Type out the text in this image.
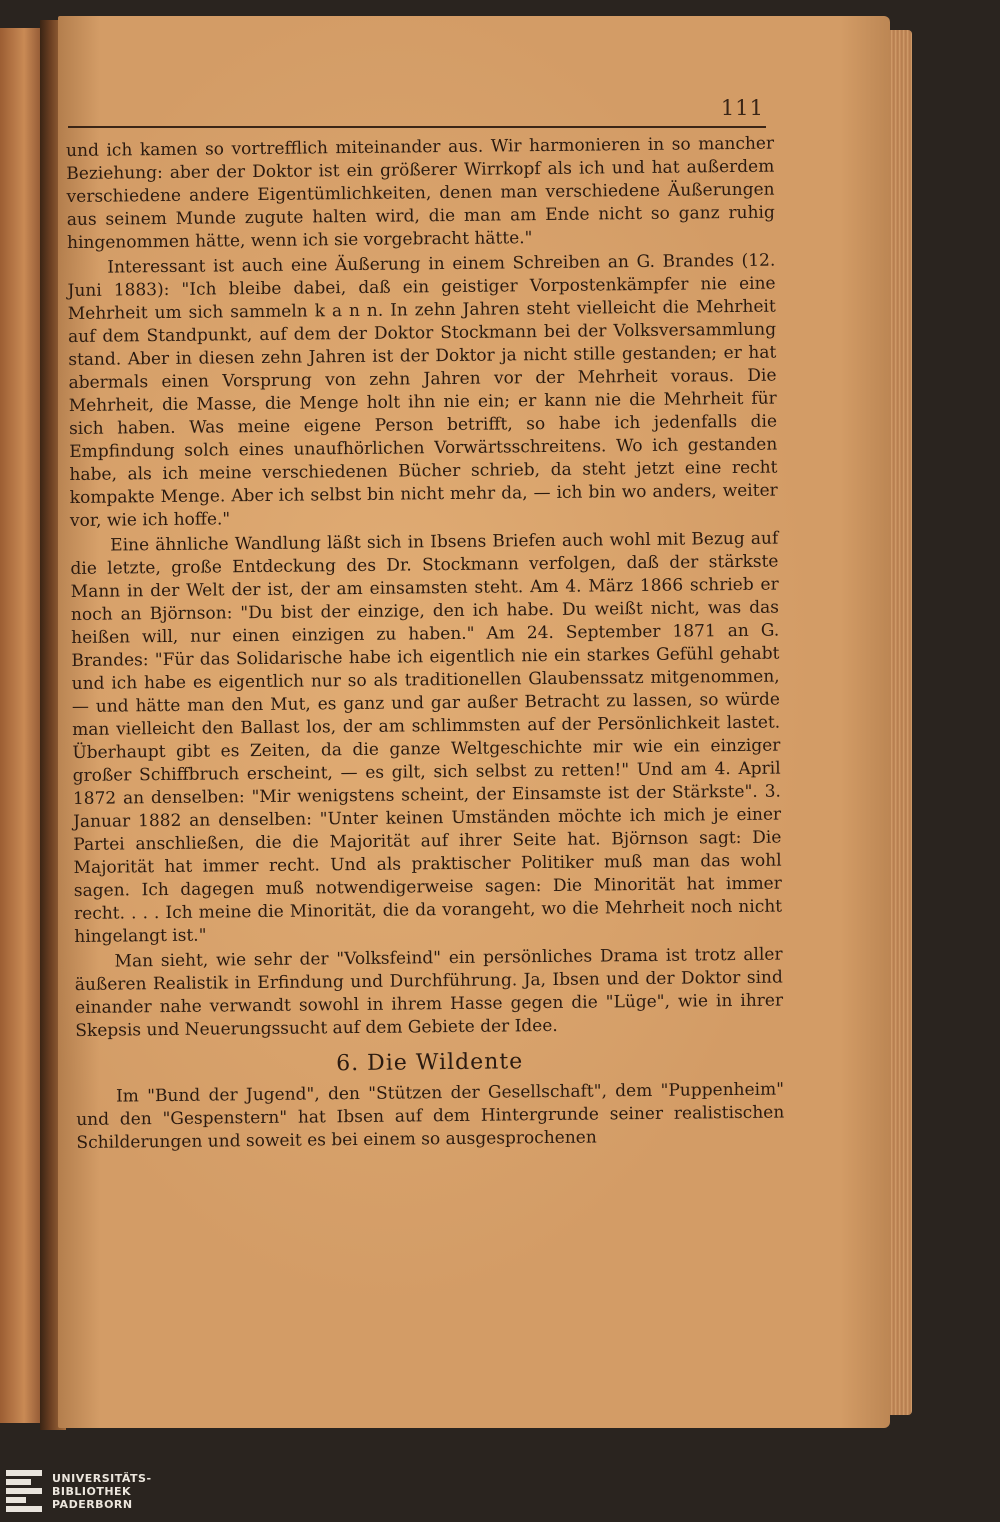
111

und ich kamen so vortrefflich miteinander aus. Wir harmonieren in so mancher Beziehung: aber der Doktor ist ein größerer Wirrkopf als ich und hat außerdem verschiedene andere Eigentümlichkeiten, denen man verschiedene Äußerungen aus seinem Munde zugute halten wird, die man am Ende nicht so ganz ruhig hingenommen hätte, wenn ich sie vorgebracht hätte."

Interessant ist auch eine Äußerung in einem Schreiben an G. Brandes (12. Juni 1883): "Ich bleibe dabei, daß ein geistiger Vorpostenkämpfer nie eine Mehrheit um sich sammeln k a n n. In zehn Jahren steht vielleicht die Mehrheit auf dem Standpunkt, auf dem der Doktor Stockmann bei der Volksversammlung stand. Aber in diesen zehn Jahren ist der Doktor ja nicht stille gestanden; er hat abermals einen Vorsprung von zehn Jahren vor der Mehrheit voraus. Die Mehrheit, die Masse, die Menge holt ihn nie ein; er kann nie die Mehrheit für sich haben. Was meine eigene Person betrifft, so habe ich jedenfalls die Empfindung solch eines unaufhörlichen Vorwärtsschreitens. Wo ich gestanden habe, als ich meine verschiedenen Bücher schrieb, da steht jetzt eine recht kompakte Menge. Aber ich selbst bin nicht mehr da, — ich bin wo anders, weiter vor, wie ich hoffe."

Eine ähnliche Wandlung läßt sich in Ibsens Briefen auch wohl mit Bezug auf die letzte, große Entdeckung des Dr. Stockmann verfolgen, daß der stärkste Mann in der Welt der ist, der am einsamsten steht. Am 4. März 1866 schrieb er noch an Björnson: "Du bist der einzige, den ich habe. Du weißt nicht, was das heißen will, nur einen einzigen zu haben." Am 24. September 1871 an G. Brandes: "Für das Solidarische habe ich eigentlich nie ein starkes Gefühl gehabt und ich habe es eigentlich nur so als traditionellen Glaubenssatz mitgenommen, — und hätte man den Mut, es ganz und gar außer Betracht zu lassen, so würde man vielleicht den Ballast los, der am schlimmsten auf der Persönlichkeit lastet. Überhaupt gibt es Zeiten, da die ganze Weltgeschichte mir wie ein einziger großer Schiffbruch erscheint, — es gilt, sich selbst zu retten!" Und am 4. April 1872 an denselben: "Mir wenigstens scheint, der Einsamste ist der Stärkste". 3. Januar 1882 an denselben: "Unter keinen Umständen möchte ich mich je einer Partei anschließen, die die Majorität auf ihrer Seite hat. Björnson sagt: Die Majorität hat immer recht. Und als praktischer Politiker muß man das wohl sagen. Ich dagegen muß notwendigerweise sagen: Die Minorität hat immer recht. . . . Ich meine die Minorität, die da vorangeht, wo die Mehrheit noch nicht hingelangt ist."

Man sieht, wie sehr der "Volksfeind" ein persönliches Drama ist trotz aller äußeren Realistik in Erfindung und Durchführung. Ja, Ibsen und der Doktor sind einander nahe verwandt sowohl in ihrem Hasse gegen die "Lüge", wie in ihrer Skepsis und Neuerungssucht auf dem Gebiete der Idee.

6. Die Wildente

Im "Bund der Jugend", den "Stützen der Gesellschaft", dem "Puppenheim" und den "Gespenstern" hat Ibsen auf dem Hintergrunde seiner realistischen Schilderungen und soweit es bei einem so ausgesprochenen

UNIVERSITÄTS-
BIBLIOTHEK
PADERBORN
